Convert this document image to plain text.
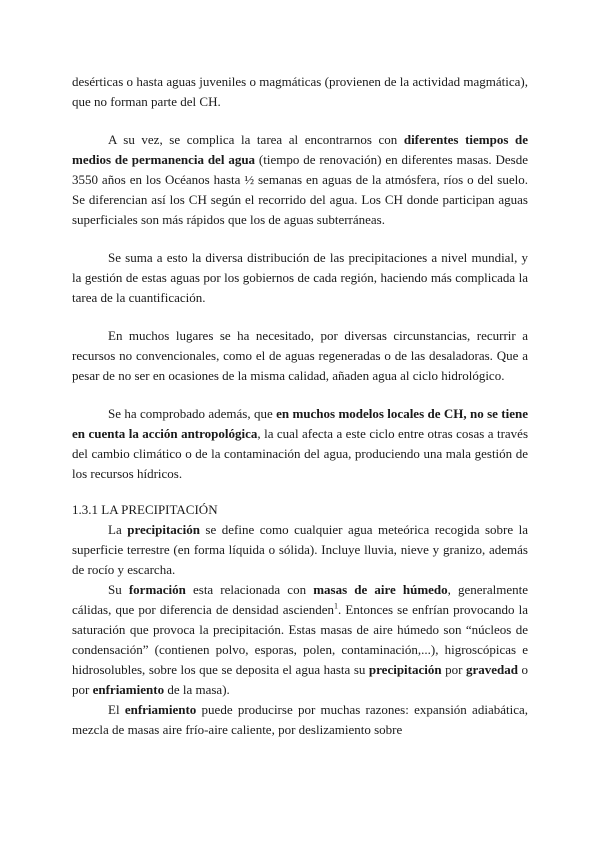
desérticas o hasta aguas juveniles o magmáticas (provienen de la actividad magmática), que no forman parte del CH.

A su vez, se complica la tarea al encontrarnos con diferentes tiempos de medios de permanencia del agua (tiempo de renovación) en diferentes masas. Desde 3550 años en los Océanos hasta ½ semanas en aguas de la atmósfera, ríos o del suelo. Se diferencian así los CH según el recorrido del agua. Los CH donde participan aguas superficiales son más rápidos que los de aguas subterráneas.

Se suma a esto la diversa distribución de las precipitaciones a nivel mundial, y la gestión de estas aguas por los gobiernos de cada región, haciendo más complicada la tarea de la cuantificación.

En muchos lugares se ha necesitado, por diversas circunstancias, recurrir a recursos no convencionales, como el de aguas regeneradas o de las desaladoras. Que a pesar de no ser en ocasiones de la misma calidad, añaden agua al ciclo hidrológico.

Se ha comprobado además, que en muchos modelos locales de CH, no se tiene en cuenta la acción antropológica, la cual afecta a este ciclo entre otras cosas a través del cambio climático o de la contaminación del agua, produciendo una mala gestión de los recursos hídricos.

1.3.1 LA PRECIPITACIÓN

La precipitación se define como cualquier agua meteórica recogida sobre la superficie terrestre (en forma líquida o sólida). Incluye lluvia, nieve y granizo, además de rocío y escarcha.

Su formación esta relacionada con masas de aire húmedo, generalmente cálidas, que por diferencia de densidad ascienden$^1$. Entonces se enfrían provocando la saturación que provoca la precipitación. Estas masas de aire húmedo son “núcleos de condensación” (contienen polvo, esporas, polen, contaminación,...), higroscópicas e hidrosolubles, sobre los que se deposita el agua hasta su precipitación por gravedad o por enfriamiento de la masa).

El enfriamiento puede producirse por muchas razones: expansión adiabática, mezcla de masas aire frío-aire caliente, por deslizamiento sobre
